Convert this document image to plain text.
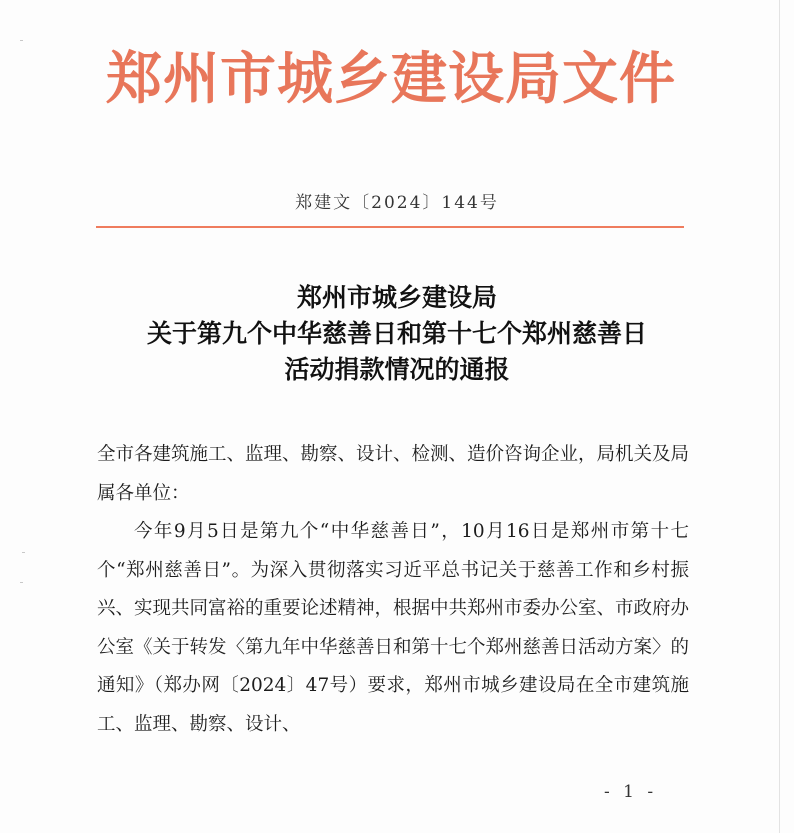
郑州市城乡建设局文件
郑建文〔2024〕144号
郑州市城乡建设局
关于第九个中华慈善日和第十七个郑州慈善日
活动捐款情况的通报

全市各建筑施工、监理、勘察、设计、检测、造价咨询企业，局机关及局属各单位：

今年9月5日是第九个“中华慈善日”，10月16日是郑州市第十七个“郑州慈善日”。为深入贯彻落实习近平总书记关于慈善工作和乡村振兴、实现共同富裕的重要论述精神，根据中共郑州市委办公室、市政府办公室《关于转发〈第九年中华慈善日和第十七个郑州慈善日活动方案〉的通知》（郑办网〔2024〕47号）要求，郑州市城乡建设局在全市建筑施工、监理、勘察、设计、

- 1 -
